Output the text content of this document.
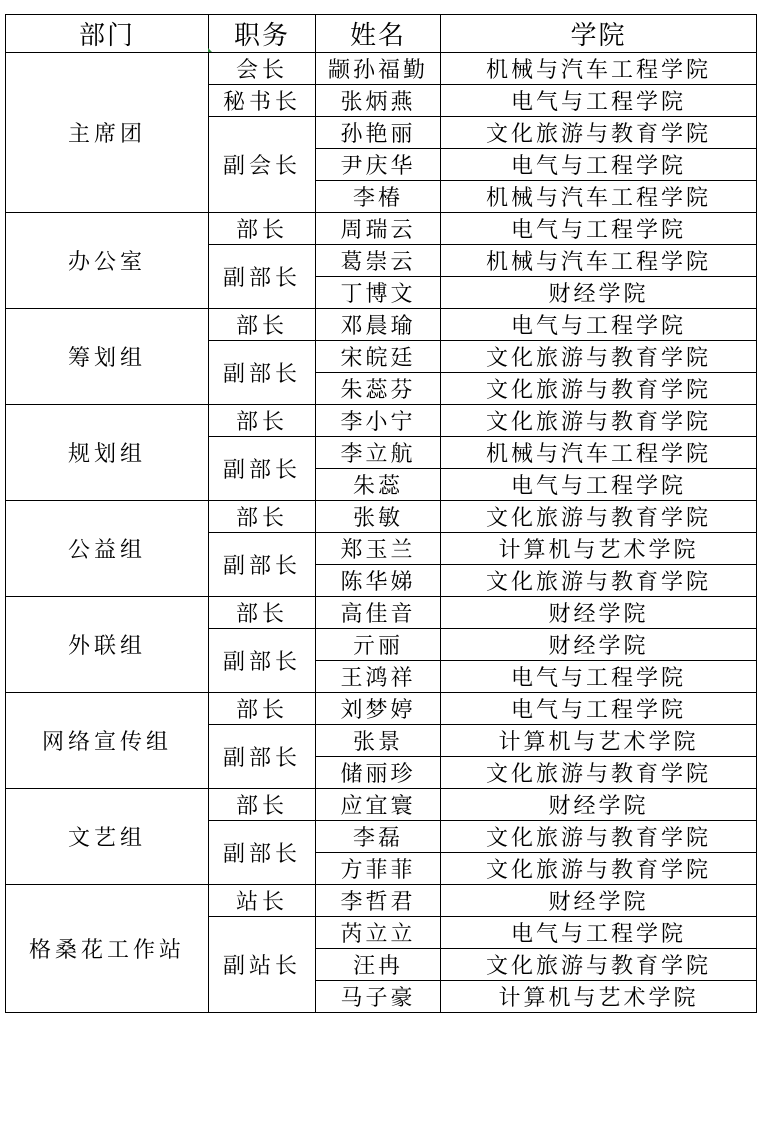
部门	职务	姓名	学院
主席团	会长	颛孙福勤	机械与汽车工程学院
	秘书长	张炳燕	电气与工程学院
	副会长	孙艳丽	文化旅游与教育学院
		尹庆华	电气与工程学院
		李椿	机械与汽车工程学院
办公室	部长	周瑞云	电气与工程学院
	副部长	葛崇云	机械与汽车工程学院
		丁博文	财经学院
筹划组	部长	邓晨瑜	电气与工程学院
	副部长	宋皖廷	文化旅游与教育学院
		朱蕊芬	文化旅游与教育学院
规划组	部长	李小宁	文化旅游与教育学院
	副部长	李立航	机械与汽车工程学院
		朱蕊	电气与工程学院
公益组	部长	张敏	文化旅游与教育学院
	副部长	郑玉兰	计算机与艺术学院
		陈华娣	文化旅游与教育学院
外联组	部长	高佳音	财经学院
	副部长	亓丽	财经学院
		王鸿祥	电气与工程学院
网络宣传组	部长	刘梦婷	电气与工程学院
	副部长	张景	计算机与艺术学院
		储丽珍	文化旅游与教育学院
文艺组	部长	应宜寰	财经学院
	副部长	李磊	文化旅游与教育学院
		方菲菲	文化旅游与教育学院
格桑花工作站	站长	李哲君	财经学院
	副站长	芮立立	电气与工程学院
		汪冉	文化旅游与教育学院
		马子豪	计算机与艺术学院
